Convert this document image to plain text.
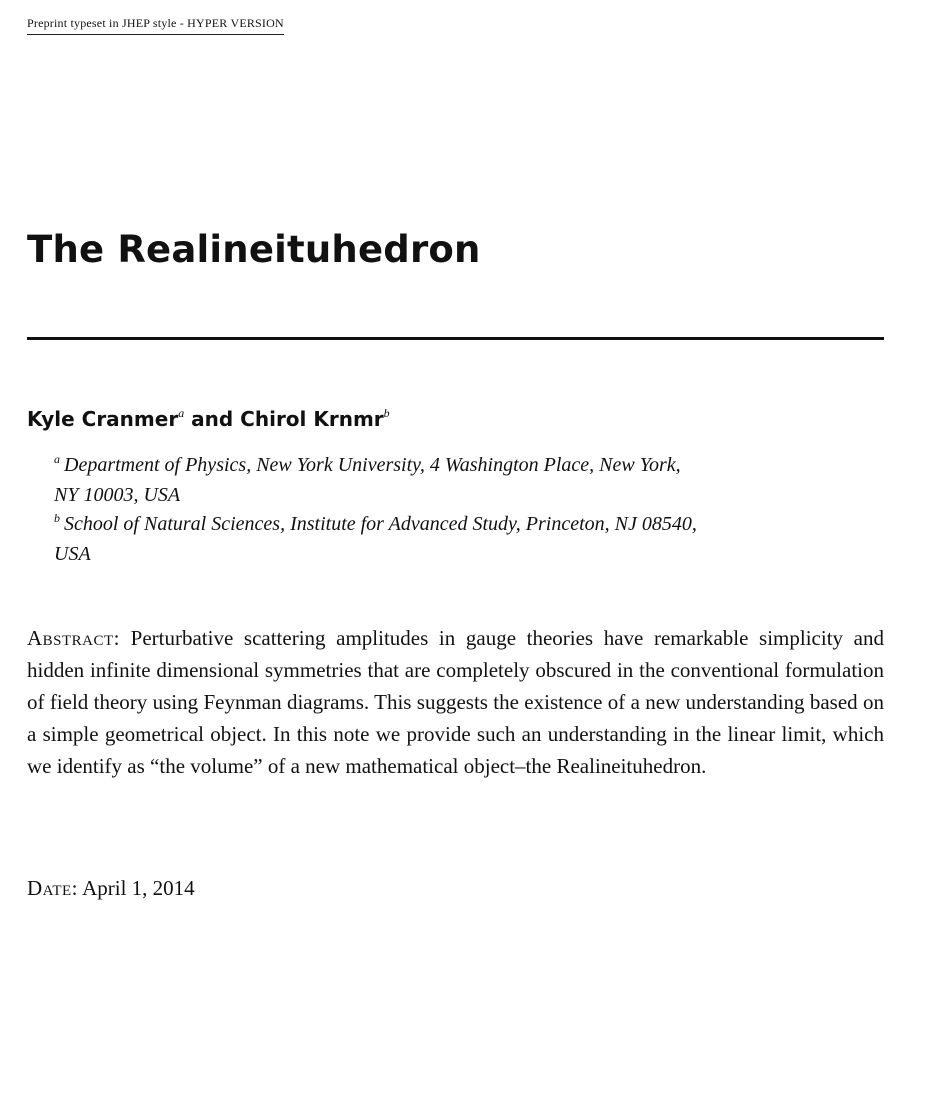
Preprint typeset in JHEP style - HYPER VERSION
The Realineituhedron
Kyle Cranmer$^a$ and Chirol Krnmr$^b$
$^a$ Department of Physics, New York University, 4 Washington Place, New York,
NY 10003, USA
$^b$ School of Natural Sciences, Institute for Advanced Study, Princeton, NJ 08540,
USA
Abstract: Perturbative scattering amplitudes in gauge theories have remarkable simplicity and hidden infinite dimensional symmetries that are completely obscured in the conventional formulation of field theory using Feynman diagrams. This suggests the existence of a new understanding based on a simple geometrical object. In this note we provide such an understanding in the linear limit, which we identify as “the volume” of a new mathematical object–the Realineituhedron.
Date: April 1, 2014
